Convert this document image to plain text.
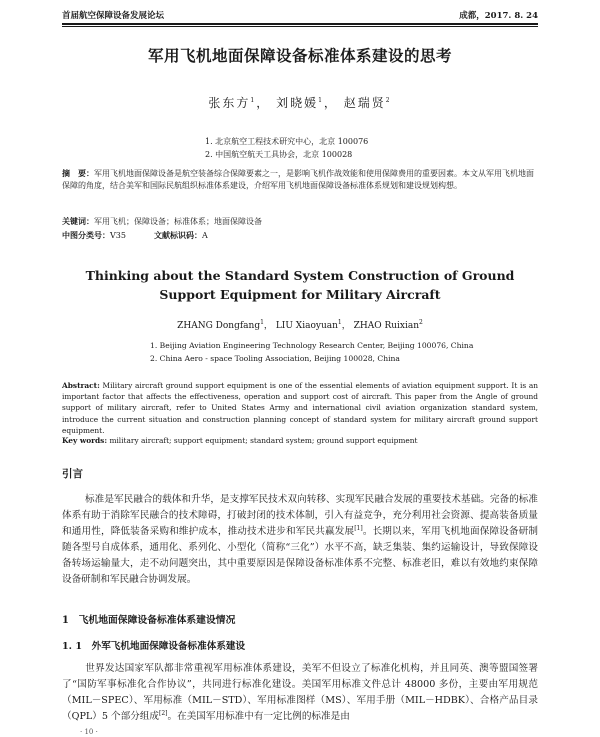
首届航空保障设备发展论坛	成都，2017. 8. 24
军用飞机地面保障设备标准体系建设的思考
张东方$^1$， 刘晓媛$^1$， 赵瑞贤$^2$
1. 北京航空工程技术研究中心，北京 100076
2. 中国航空航天工具协会，北京 100028
摘　要：军用飞机地面保障设备是航空装备综合保障要素之一，是影响飞机作战效能和使用保障费用的重要因素。本文从军用飞机地面保障的角度，结合美军和国际民航组织标准体系建设，介绍军用飞机地面保障设备标准体系规划和建设规划构想。
关键词：军用飞机；保障设备；标准体系；地面保障设备
中图分类号：V35	文献标识码：A
Thinking about the Standard System Construction of Ground
Support Equipment for Military Aircraft
ZHANG Dongfang$^1$， LIU Xiaoyuan$^1$， ZHAO Ruixian$^2$
1. Beijing Aviation Engineering Technology Research Center, Beijing 100076, China
2. China Aero - space Tooling Association, Beijing 100028, China
Abstract: Military aircraft ground support equipment is one of the essential elements of aviation equipment support. It is an important factor that affects the effectiveness, operation and support cost of aircraft. This paper from the Angle of ground support of military aircraft, refer to United States Army and international civil aviation organization standard system, introduce the current situation and construction planning concept of standard system for military aircraft ground support equipment.
Key words: military aircraft; support equipment; standard system; ground support equipment
引言
标准是军民融合的载体和升华，是支撑军民技术双向转移、实现军民融合发展的重要技术基础。完备的标准体系有助于消除军民融合的技术障碍，打破封闭的技术体制，引入有益竞争，充分利用社会资源、提高装备质量和通用性，降低装备采购和维护成本，推动技术进步和军民共赢发展[1]。长期以来，军用飞机地面保障设备研制随各型号自成体系，通用化、系列化、小型化（简称“三化”）水平不高，缺乏集装、集约运输设计，导致保障设备转场运输量大，走不动问题突出，其中重要原因是保障设备标准体系不完整、标准老旧，难以有效地约束保障设备研制和军民融合协调发展。
1　飞机地面保障设备标准体系建设情况
1. 1　外军飞机地面保障设备标准体系建设
世界发达国家军队都非常重视军用标准体系建设，美军不但设立了标准化机构，并且同英、澳等盟国签署了“国防军事标准化合作协议”，共同进行标准化建设。美国军用标准文件总计 48000 多份，主要由军用规范（MIL－SPEC）、军用标准（MIL－STD）、军用标准图样（MS）、军用手册（MIL－HDBK）、合格产品目录（QPL）5 个部分组成[2]。在美国军用标准中有一定比例的标准是由
· 10 ·
